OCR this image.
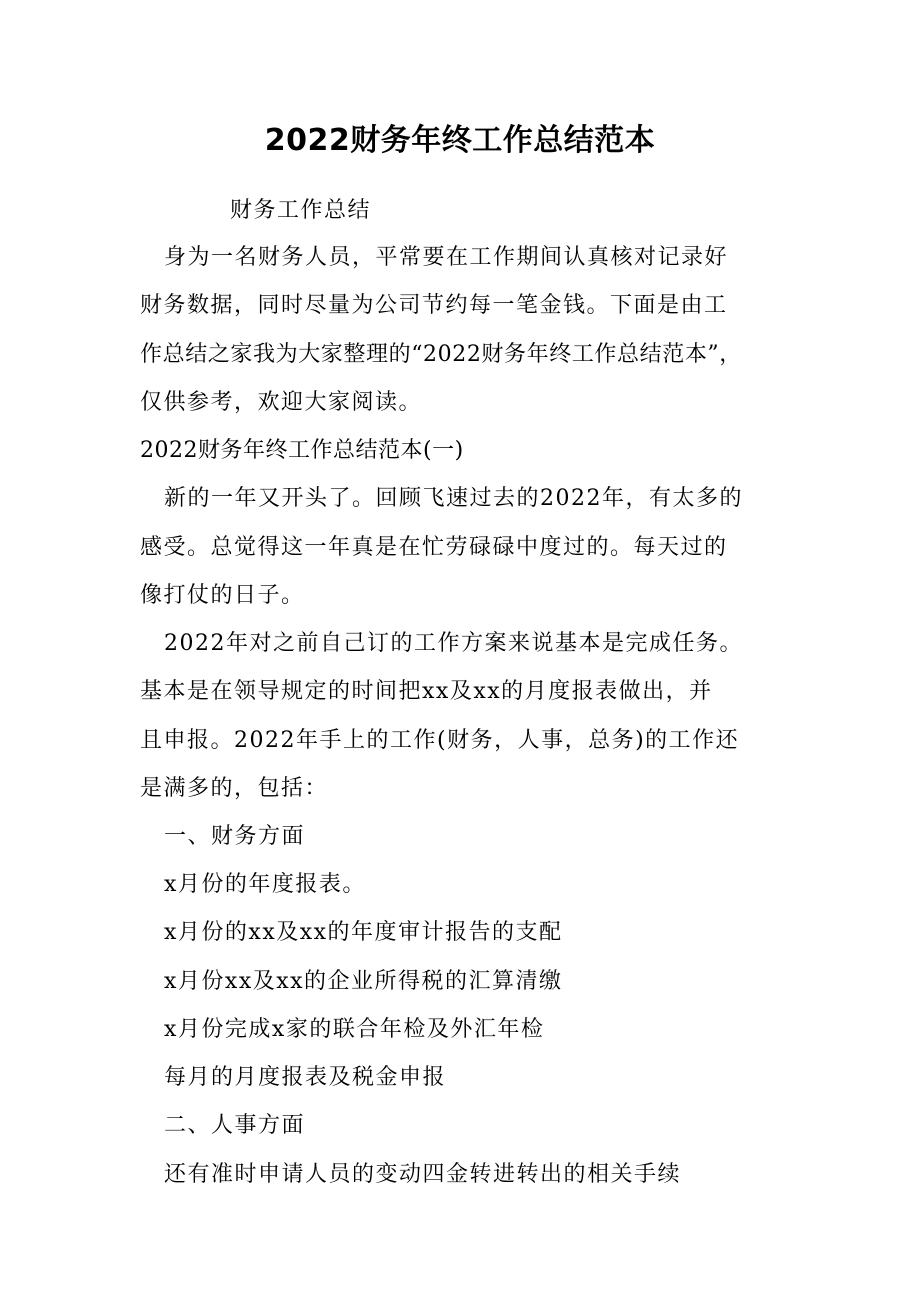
2022财务年终工作总结范本
财务工作总结
身为一名财务人员，平常要在工作期间认真核对记录好
财务数据，同时尽量为公司节约每一笔金钱。下面是由工
作总结之家我为大家整理的“2022财务年终工作总结范本”，
仅供参考，欢迎大家阅读。
2022财务年终工作总结范本(一)
新的一年又开头了。回顾飞速过去的2022年，有太多的
感受。总觉得这一年真是在忙劳碌碌中度过的。每天过的
像打仗的日子。
2022年对之前自己订的工作方案来说基本是完成任务。
基本是在领导规定的时间把xx及xx的月度报表做出，并
且申报。2022年手上的工作(财务，人事，总务)的工作还
是满多的，包括：
一、财务方面
x月份的年度报表。
x月份的xx及xx的年度审计报告的支配
x月份xx及xx的企业所得税的汇算清缴
x月份完成x家的联合年检及外汇年检
每月的月度报表及税金申报
二、人事方面
还有准时申请人员的变动四金转进转出的相关手续
